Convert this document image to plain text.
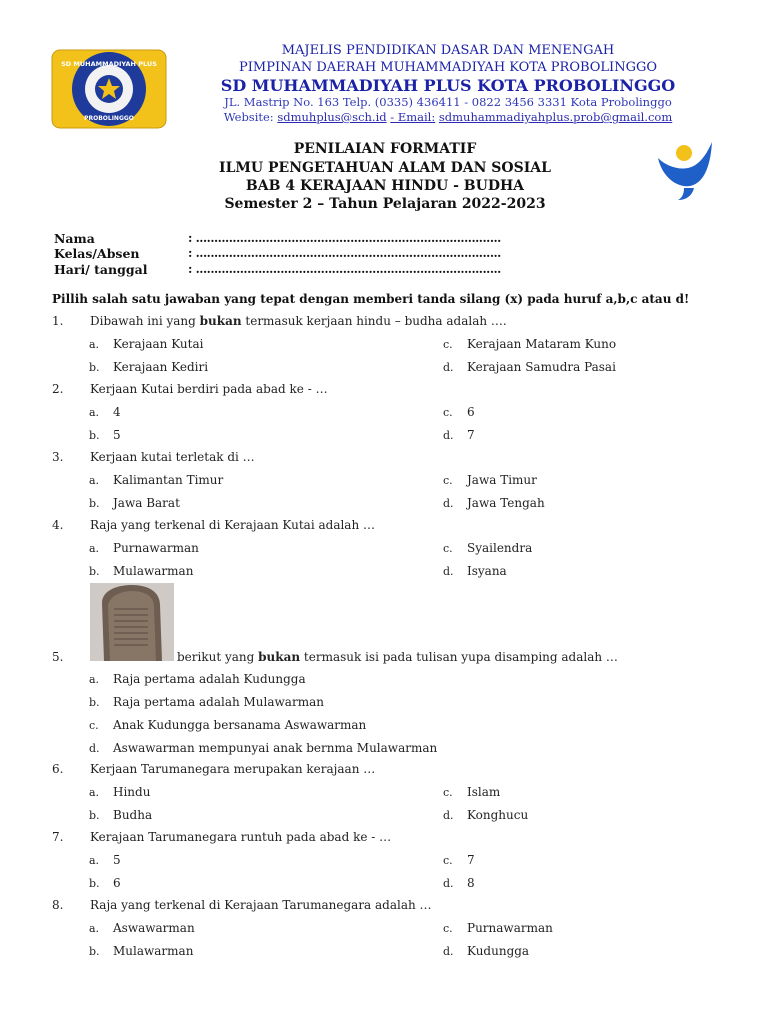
SD MUHAMMADIYAH PLUS
PROBOLINGGO
MAJELIS PENDIDIKAN DASAR DAN MENENGAH
PIMPINAN DAERAH MUHAMMADIYAH KOTA PROBOLINGGO
SD MUHAMMADIYAH PLUS KOTA PROBOLINGGO
JL. Mastrip No. 163 Telp. (0335) 436411 - 0822 3456 3331 Kota Probolinggo
Website: sdmuhplus@sch.id - Email: sdmuhammadiyahplus.prob@gmail.com
PENILAIAN FORMATIF
ILMU PENGETAHUAN ALAM DAN SOSIAL
BAB 4 KERAJAAN HINDU - BUDHA
Semester 2 – Tahun Pelajaran 2022-2023
Nama	: ...................................................................................
Kelas/Absen	: ...................................................................................
Hari/ tanggal	: ...................................................................................
Pillih salah satu jawaban yang tepat dengan memberi tanda silang (x) pada huruf a,b,c atau d!
1. Dibawah ini yang bukan termasuk kerjaan hindu – budha adalah ….
a. Kerajaan Kutai	c. Kerajaan Mataram Kuno
b. Kerajaan Kediri	d. Kerajaan Samudra Pasai
2. Kerjaan Kutai berdiri pada abad ke - …
a. 4	c. 6
b. 5	d. 7
3. Kerjaan kutai terletak di …
a. Kalimantan Timur	c. Jawa Timur
b. Jawa Barat	d. Jawa Tengah
4. Raja yang terkenal di Kerajaan Kutai adalah …
a. Purnawarman	c. Syailendra
b. Mulawarman	d. Isyana
5.	berikut yang bukan termasuk isi pada tulisan yupa disamping adalah …
a. Raja pertama adalah Kudungga
b. Raja pertama adalah Mulawarman
c. Anak Kudungga bersanama Aswawarman
d. Aswawarman mempunyai anak bernma Mulawarman
6. Kerjaan Tarumanegara merupakan kerajaan …
a. Hindu	c. Islam
b. Budha	d. Konghucu
7. Kerajaan Tarumanegara runtuh pada abad ke - …
a. 5	c. 7
b. 6	d. 8
8. Raja yang terkenal di Kerajaan Tarumanegara adalah …
a. Aswawarman	c. Purnawarman
b. Mulawarman	d. Kudungga
